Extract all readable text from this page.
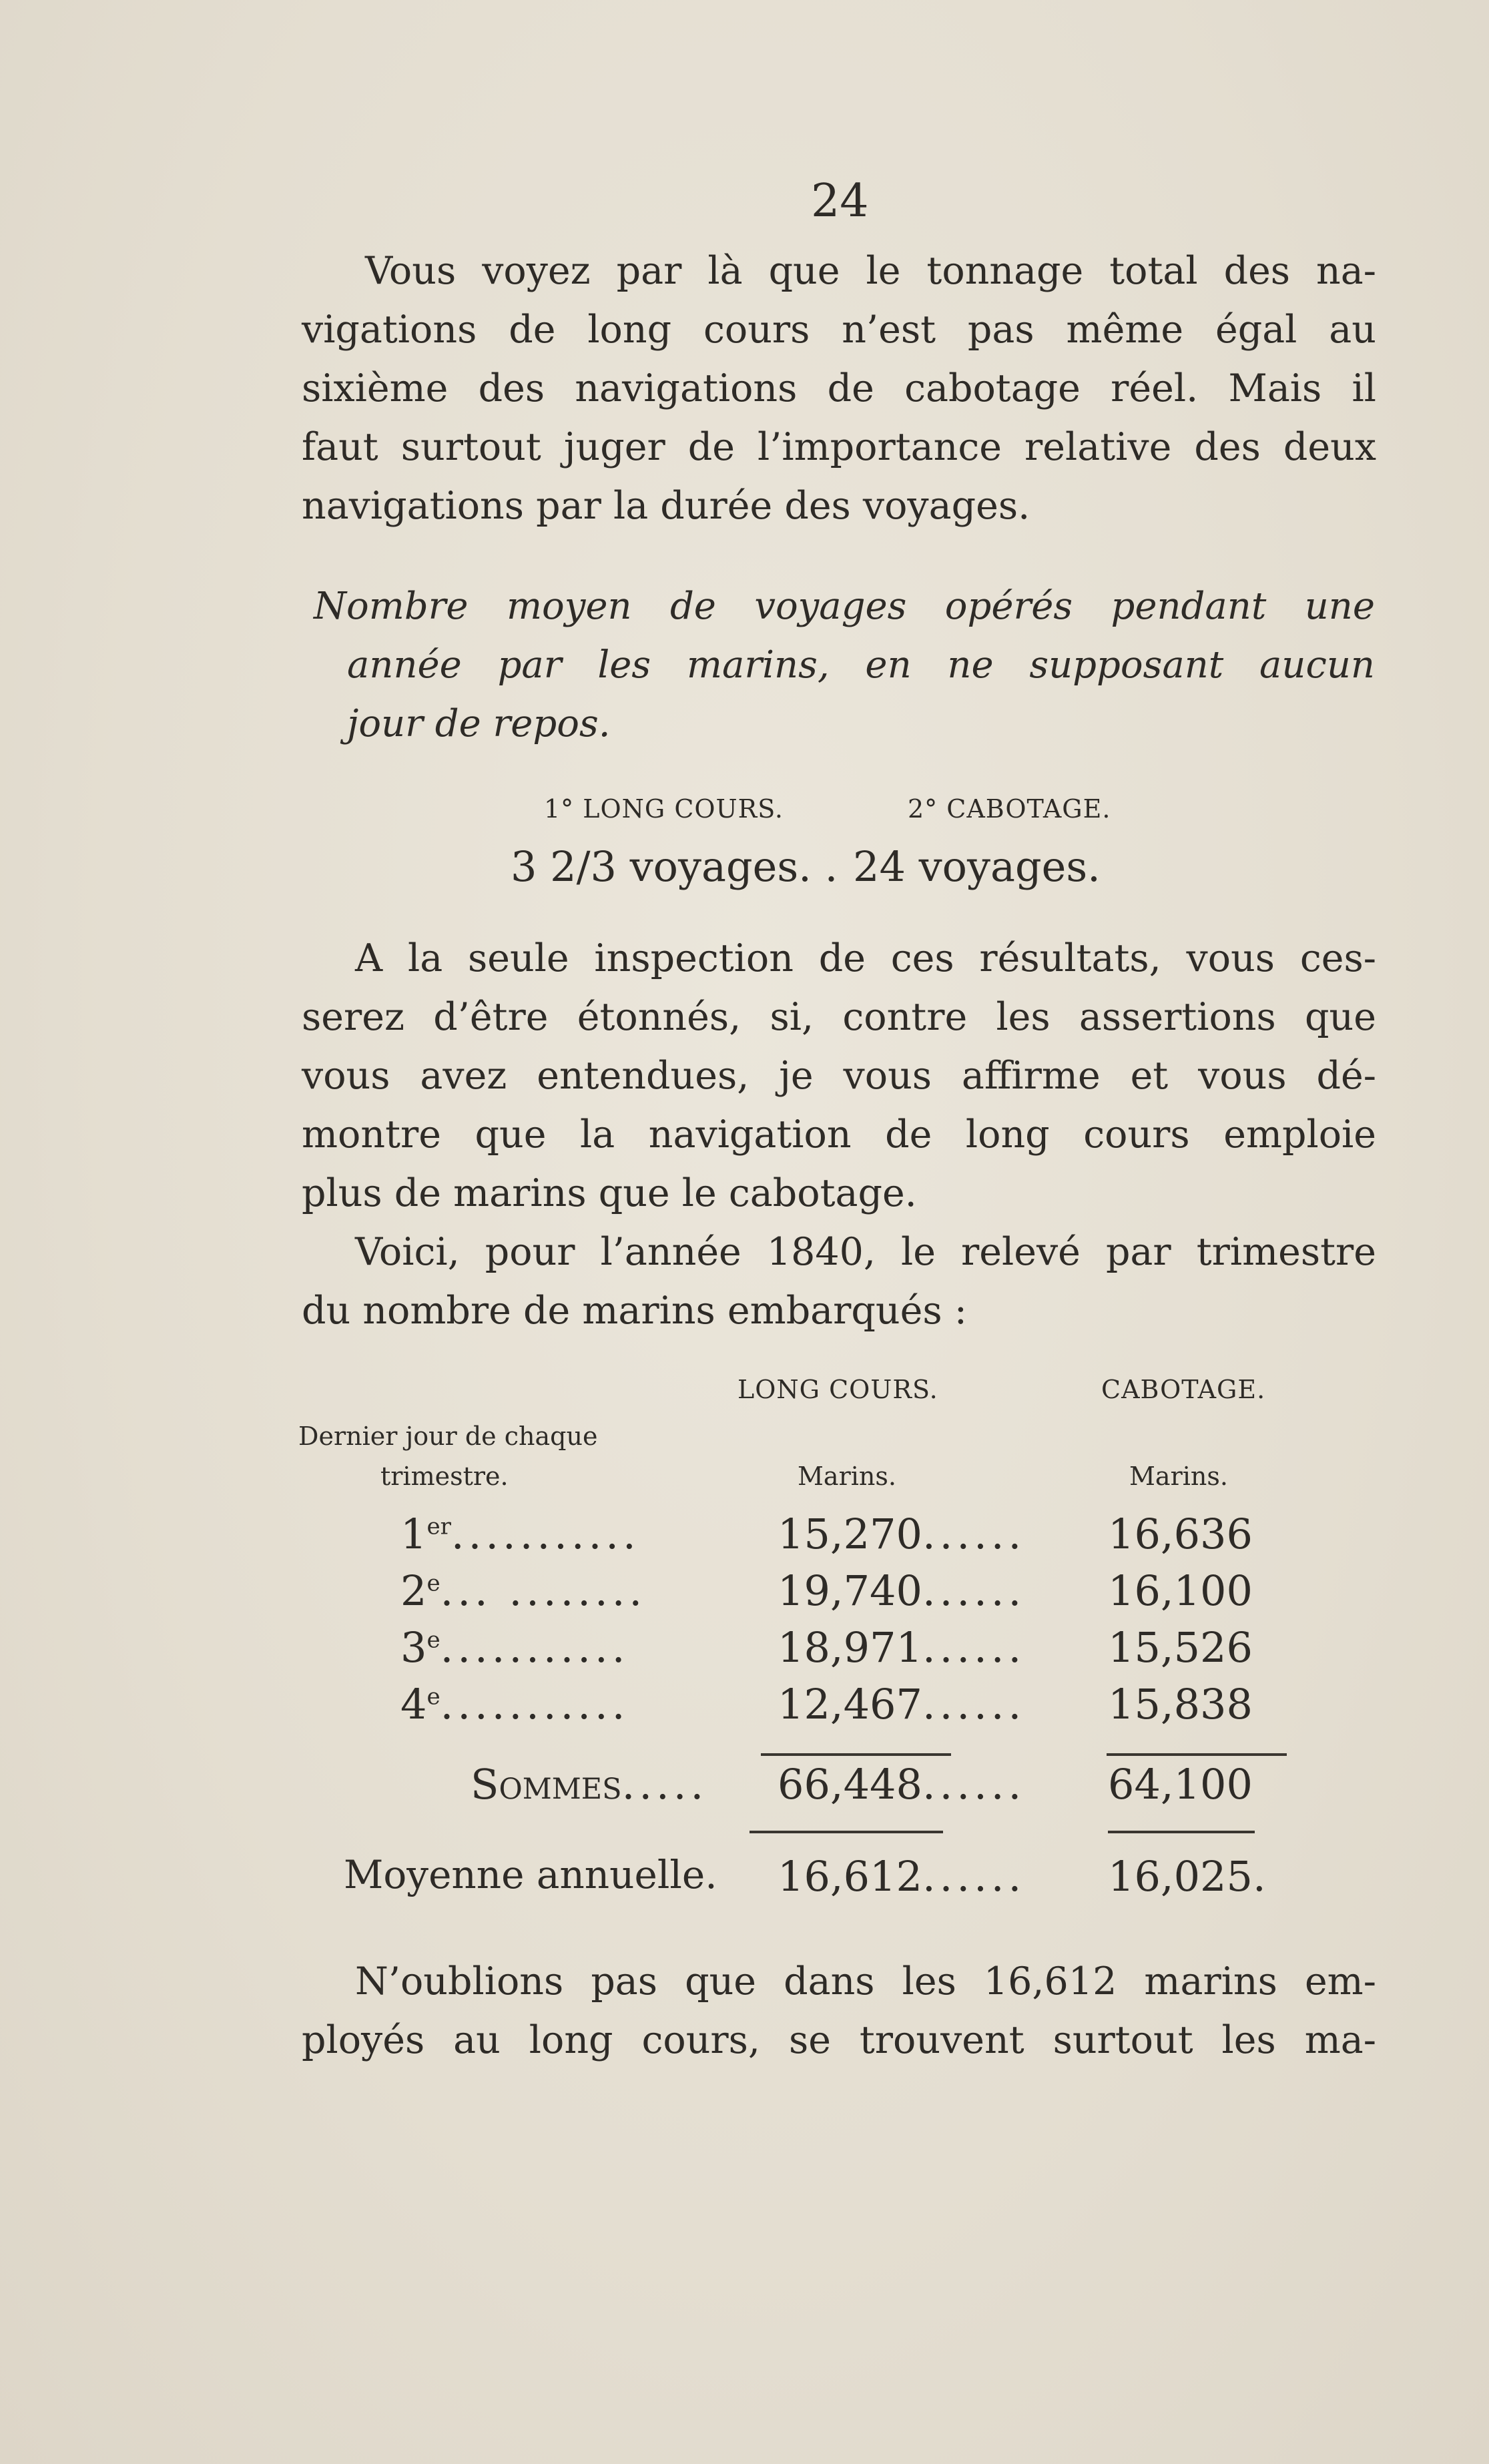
24
Vous voyez par là que le tonnage total des na-
vigations de long cours n’est pas même égal au
sixième des navigations de cabotage réel. Mais il
faut surtout juger de l’importance relative des deux
navigations par la durée des voyages.
Nombre moyen de voyages opérés pendant une
année par les marins, en ne supposant aucun
jour de repos.
1° LONG COURS.	2° CABOTAGE.
3 2/3 voyages. . 24 voyages.
A la seule inspection de ces résultats, vous ces-
serez d’être étonnés, si, contre les assertions que
vous avez entendues, je vous affirme et vous dé-
montre que la navigation de long cours emploie
plus de marins que le cabotage.
Voici, pour l’année 1840, le relevé par trimestre
du nombre de marins embarqués :
LONG COURS.	CABOTAGE.
Dernier jour de chaque
trimestre.	Marins.	Marins.
1er...........	15,270...... 16,636
2e... ........	19,740...... 16,100
3e...........	18,971...... 15,526
4e...........	12,467...... 15,838
Sommes..... 66,448...... 64,100
Moyenne annuelle. 16,612...... 16,025.
N’oublions pas que dans les 16,612 marins em-
ployés au long cours, se trouvent surtout les ma-
